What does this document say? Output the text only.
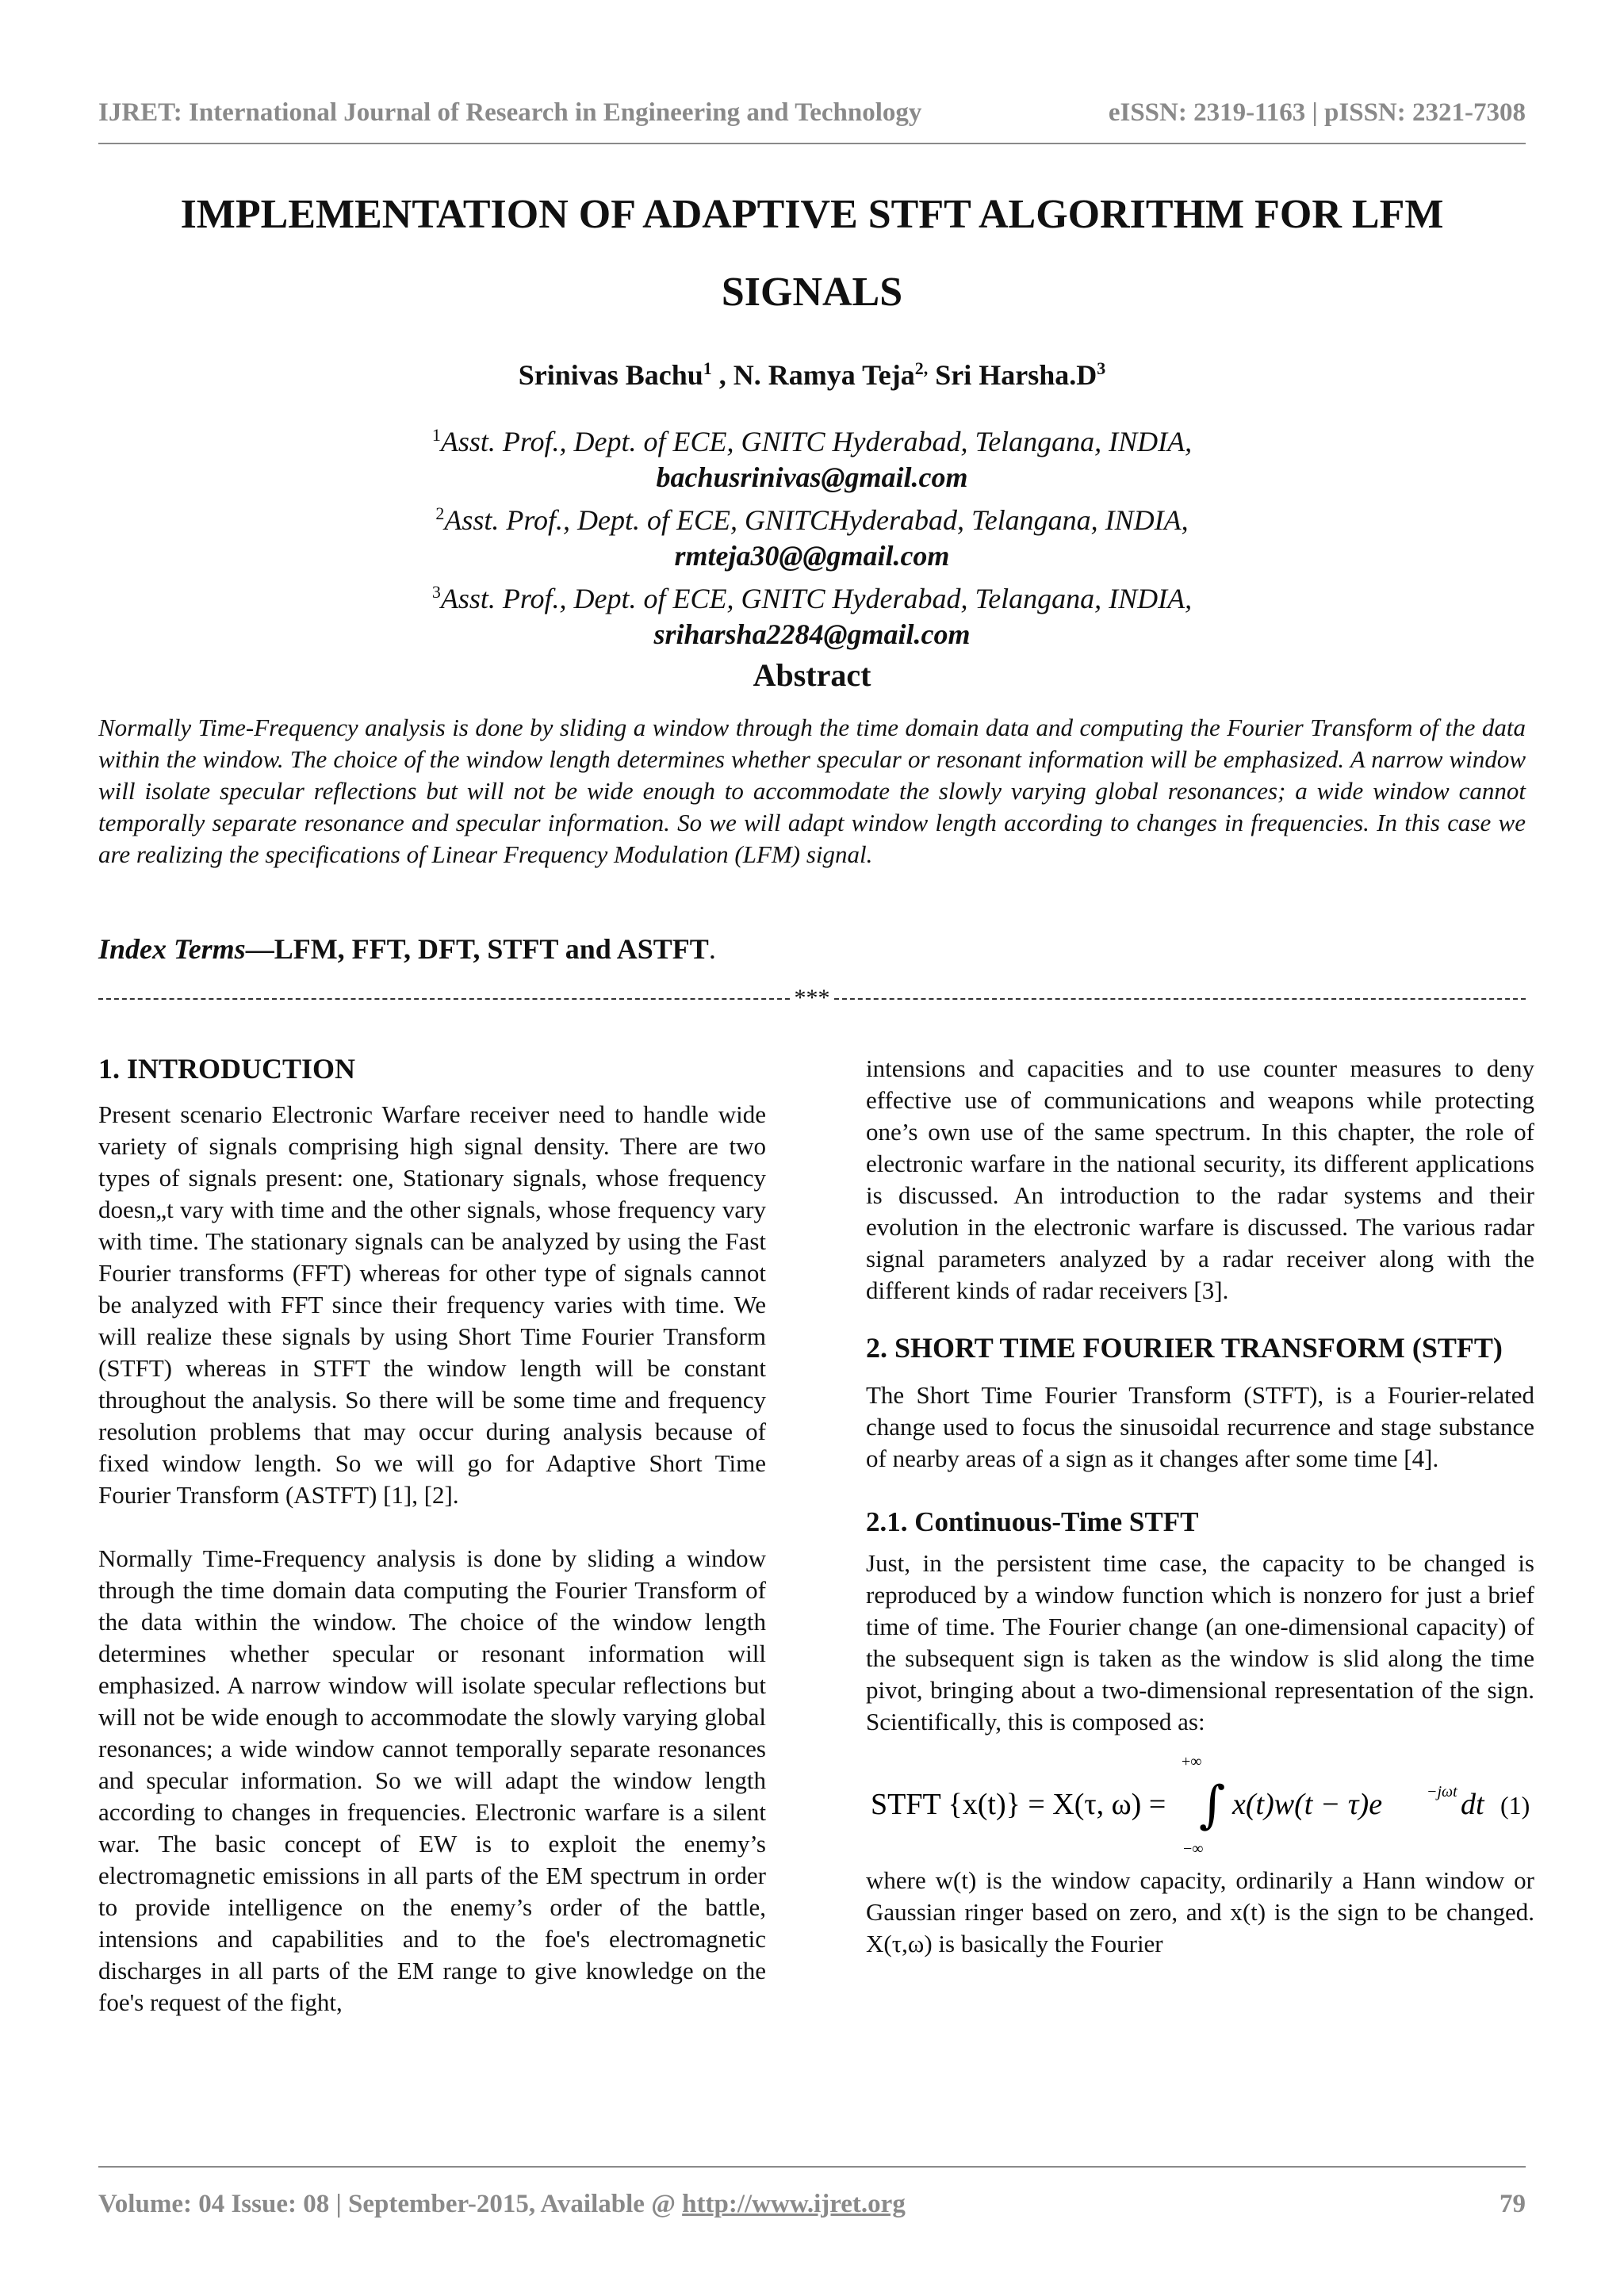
IJRET: International Journal of Research in Engineering and Technology	eISSN: 2319-1163 | pISSN: 2321-7308
IMPLEMENTATION OF ADAPTIVE STFT ALGORITHM FOR LFM
SIGNALS
Srinivas Bachu$^1$ , N. Ramya Teja$^{2,}$ Sri $Harsha.D^3$
$^1$Asst. Prof., Dept. of ECE, GNITC Hyderabad, Telangana, INDIA,
bachusrinivas@gmail.com
$^2$Asst. Prof., Dept. of ECE, GNITCHyderabad, Telangana, INDIA,
rmteja30@@gmail.com
$^3$Asst. Prof., Dept. of ECE, GNITC Hyderabad, Telangana, INDIA,
sriharsha2284@gmail.com
Abstract
Normally Time-Frequency analysis is done by sliding a window through the time domain data and computing the Fourier Transform of the data within the window. The choice of the window length determines whether specular or resonant information will be emphasized. A narrow window will isolate specular reflections but will not be wide enough to accommodate the slowly varying global resonances; a wide window cannot temporally separate resonance and specular information. So we will adapt window length according to changes in frequencies. In this case we are realizing the specifications of Linear Frequency Modulation (LFM) signal.
Index Terms—LFM, FFT, DFT, STFT and ASTFT.
***
1. INTRODUCTION

Present scenario Electronic Warfare receiver need to handle wide variety of signals comprising high signal density. There are two types of signals present: one, Stationary signals, whose frequency doesn„t vary with time and the other signals, whose frequency vary with time. The stationary signals can be analyzed by using the Fast Fourier transforms (FFT) whereas for other type of signals cannot be analyzed with FFT since their frequency varies with time. We will realize these signals by using Short Time Fourier Transform (STFT) whereas in STFT the window length will be constant throughout the analysis. So there will be some time and frequency resolution problems that may occur during analysis because of fixed window length. So we will go for Adaptive Short Time Fourier Transform (ASTFT) [1], [2].

Normally Time-Frequency analysis is done by sliding a window through the time domain data computing the Fourier Transform of the data within the window. The choice of the window length determines whether specular or resonant information will emphasized. A narrow window will isolate specular reflections but will not be wide enough to accommodate the slowly varying global resonances; a wide window cannot temporally separate resonances and specular information. So we will adapt the window length according to changes in frequencies. Electronic warfare is a silent war. The basic concept of EW is to exploit the enemy’s electromagnetic emissions in all parts of the EM spectrum in order to provide intelligence on the enemy’s order of the battle, intensions and capabilities and to the foe's electromagnetic discharges in all parts of the EM range to give knowledge on the foe's request of the fight,

intensions and capacities and to use counter measures to deny effective use of communications and weapons while protecting one’s own use of the same spectrum. In this chapter, the role of electronic warfare in the national security, its different applications is discussed. An introduction to the radar systems and their evolution in the electronic warfare is discussed. The various radar signal parameters analyzed by a radar receiver along with the different kinds of radar receivers [3].

2. SHORT TIME FOURIER TRANSFORM (STFT)

The Short Time Fourier Transform (STFT), is a Fourier-related change used to focus the sinusoidal recurrence and stage substance of nearby areas of a sign as it changes after some time [4].

2.1. Continuous-Time STFT

Just, in the persistent time case, the capacity to be changed is reproduced by a window function which is nonzero for just a brief time of time. The Fourier change (an one-dimensional capacity) of the subsequent sign is taken as the window is slid along the time pivot, bringing about a two-dimensional representation of the sign. Scientifically, this is composed as:

STFT {x(t)} = X(τ, ω) =
+∞
∫
−∞
x(t)w(t − τ)e	−jωt dt (1)

where w(t) is the window capacity, ordinarily a Hann window or Gaussian ringer based on zero, and x(t) is the sign to be changed. X(τ,ω) is basically the Fourier

Volume: 04 Issue: 08 | September-2015, Available @ http://www.ijret.org	79
